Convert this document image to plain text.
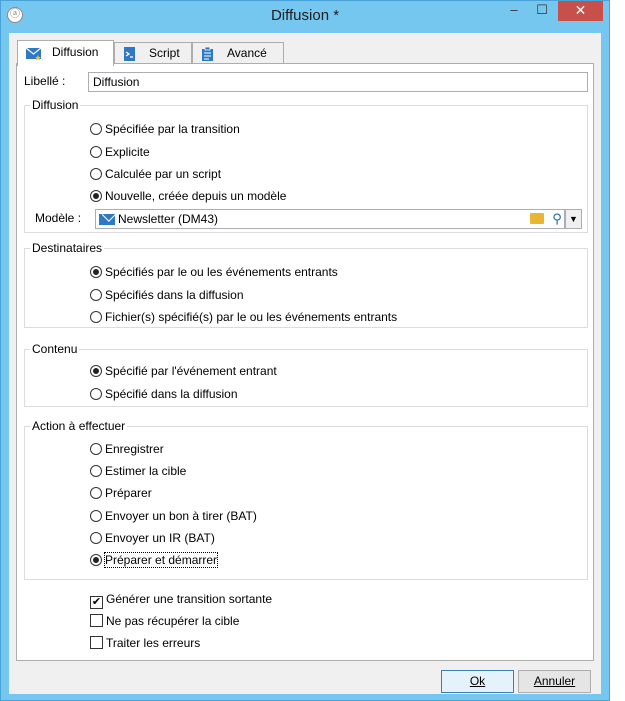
ⓐ	Diffusion *	–	☐	✕
Diffusion	Script	Avancé
Libellé :	Diffusion
Diffusion
Spécifiée par la transition
Explicite
Calculée par un script
Nouvelle, créée depuis un modèle
Modèle :	Newsletter (DM43)	⚲ ▼
Destinataires
Spécifiés par le ou les événements entrants
Spécifiés dans la diffusion
Fichier(s) spécifié(s) par le ou les événements entrants
Contenu
Spécifié par l'événement entrant
Spécifié dans la diffusion
Action à effectuer
Enregistrer
Estimer la cible
Préparer
Envoyer un bon à tirer (BAT)
Envoyer un IR (BAT)
Préparer et démarrer
✔ Générer une transition sortante
Ne pas récupérer la cible
Traiter les erreurs
Ok	Annuler
